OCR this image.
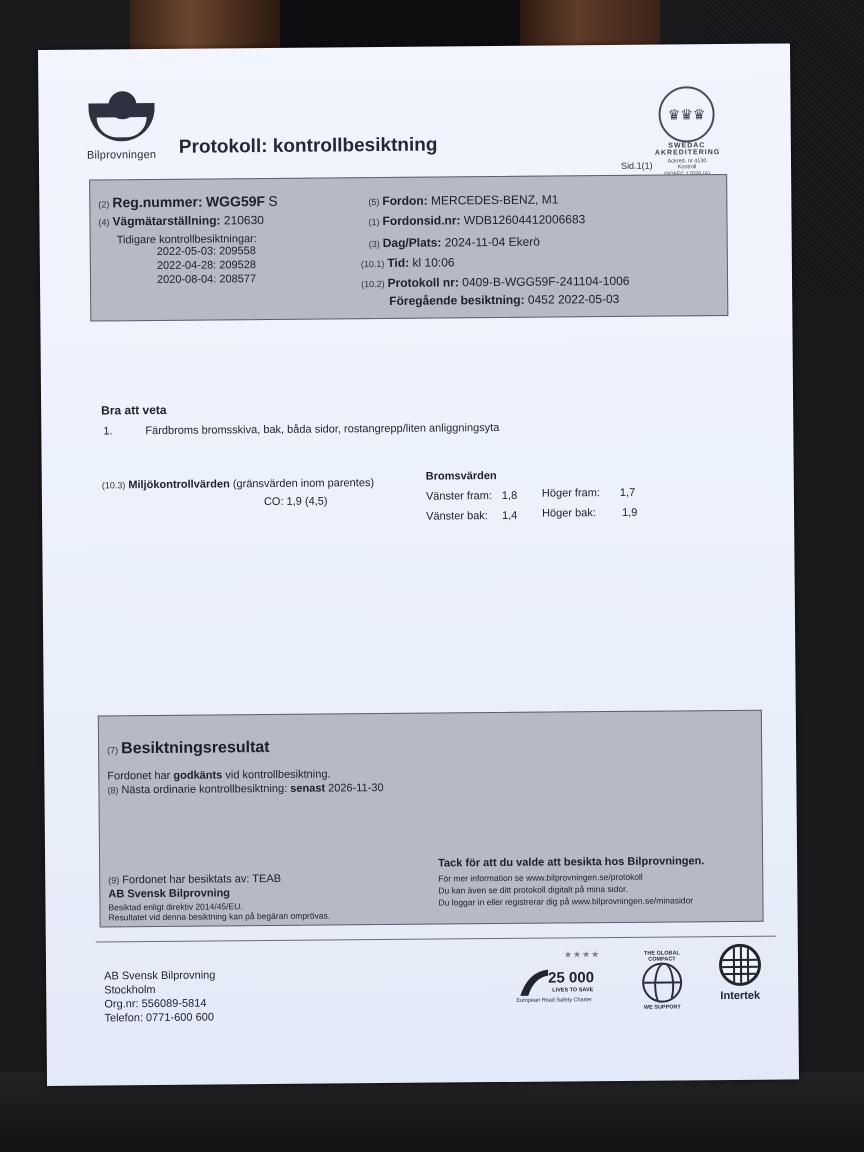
Bilprovningen	Protokoll: kontrollbesiktning
♛♛♛
SWEDAC AKREDITERING
Ackred. nr 4130
Kontroll
Sid.1(1)
(2) Reg.nummer: WGG59F S
(4) Vägmätarställning: 210630
Tidigare kontrollbesiktningar:
2022-05-03: 209558
2022-04-28: 209528
2020-08-04: 208577
(5) Fordon: MERCEDES-BENZ, M1
(1) Fordonsid.nr: WDB12604412006683
(3) Dag/Plats: 2024-11-04 Ekerö
(10.1) Tid: kl 10:06
(10.2) Protokoll nr: 0409-B-WGG59F-241104-1006
Föregående besiktning: 0452 2022-05-03
Bra att veta
1.	Färdbroms bromsskiva, bak, båda sidor, rostangrepp/liten anliggningsyta
(10.3) Miljökontrollvärden (gränsvärden inom parentes)
CO: 1,9 (4,5)
Bromsvärden
Vänster fram: 1,8 Höger fram: 1,7
Vänster bak: 1,4 Höger bak: 1,9
(7) Besiktningsresultat
Fordonet har godkänts vid kontrollbesiktning.
(8) Nästa ordinarie kontrollbesiktning: senast 2026-11-30
(9) Fordonet har besiktats av: TEAB
AB Svensk Bilprovning
Besiktad enligt direktiv 2014/45/EU.
Resultatet vid denna besiktning kan på begäran omprövas.
Tack för att du valde att besikta hos Bilprovningen.
För mer information se www.bilprovningen.se/protokoll
Du kan även se ditt protokoll digitalt på mina sidor.
Du loggar in eller registrerar dig på www.bilprovningen.se/minasidor
AB Svensk Bilprovning
Stockholm
Org.nr: 556089-5814
Telefon: 0771-600 600
★★★★
25 000
LIVES TO SAVE
European Road Safety Charter
THE GLOBAL COMPACT
WE SUPPORT
Intertek
